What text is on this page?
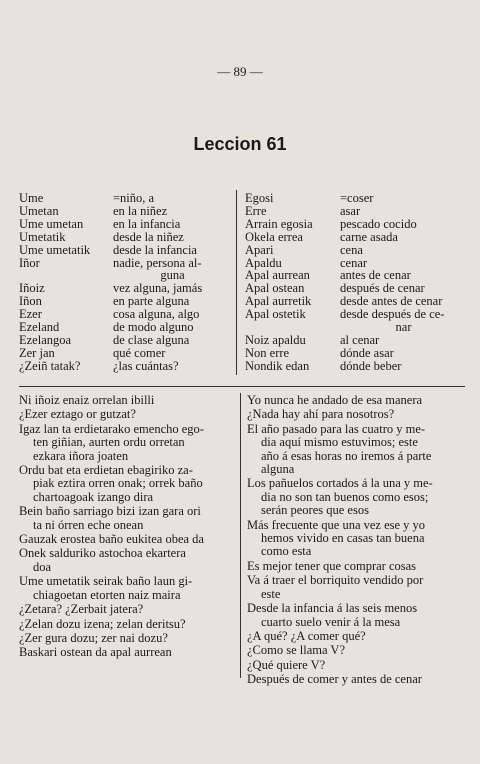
— 89 —
Leccion 61
Ume	=niño, a
Umetan	en la niñez
Ume umetan	en la infancia
Umetatik	desde la niñez
Ume umetatik	desde la infancia
Iñor	nadie, persona al-

guna
Iñoiz	vez alguna, jamás
Iñon	en parte alguna
Ezer	cosa alguna, algo
Ezeland	de modo alguno
Ezelangoa	de clase alguna
Zer jan	qué comer
¿Zeiñ tatak?	¿las cuántas?
Egosi	=coser
Erre	asar
Arrain egosia	pescado cocido
Okela errea	carne asada
Apari	cena
Apaldu	cenar
Apal aurrean	antes de cenar
Apal ostean	después de cenar
Apal aurretik	desde antes de cenar
Apal ostetik	desde después de ce-

nar
Noiz apaldu	al cenar
Non erre	dónde asar
Nondik edan	dónde beber
Ni iñoiz enaiz orrelan ibilli
¿Ezer eztago or gutzat?
Igaz lan ta erdietarako emencho ego-
ten giñian, aurten ordu orretan
ezkara iñora joaten
Ordu bat eta erdietan ebagiriko za-
piak eztira orren onak; orrek baño
chartoagoak izango dira
Bein baño sarriago bizi izan gara ori
ta ni órren eche onean
Gauzak erostea baño eukitea obea da
Onek salduriko astochoa ekartera
doa
Ume umetatik seirak baño laun gi-
chiagoetan etorten naiz maira
¿Zetara? ¿Zerbait jatera?
¿Zelan dozu izena; zelan deritsu?
¿Zer gura dozu; zer nai dozu?
Baskari ostean da apal aurrean
Yo nunca he andado de esa manera
¿Nada hay ahí para nosotros?
El año pasado para las cuatro y me-
dia aquí mismo estuvimos; este
año á esas horas no iremos á parte
alguna
Los pañuelos cortados á la una y me-
dia no son tan buenos como esos;
serán peores que esos
Más frecuente que una vez ese y yo
hemos vivido en casas tan buena
como esta
Es mejor tener que comprar cosas
Va á traer el borriquito vendido por
este
Desde la infancia á las seis menos
cuarto suelo venir á la mesa
¿A qué? ¿A comer qué?
¿Como se llama V?
¿Qué quiere V?
Después de comer y antes de cenar
